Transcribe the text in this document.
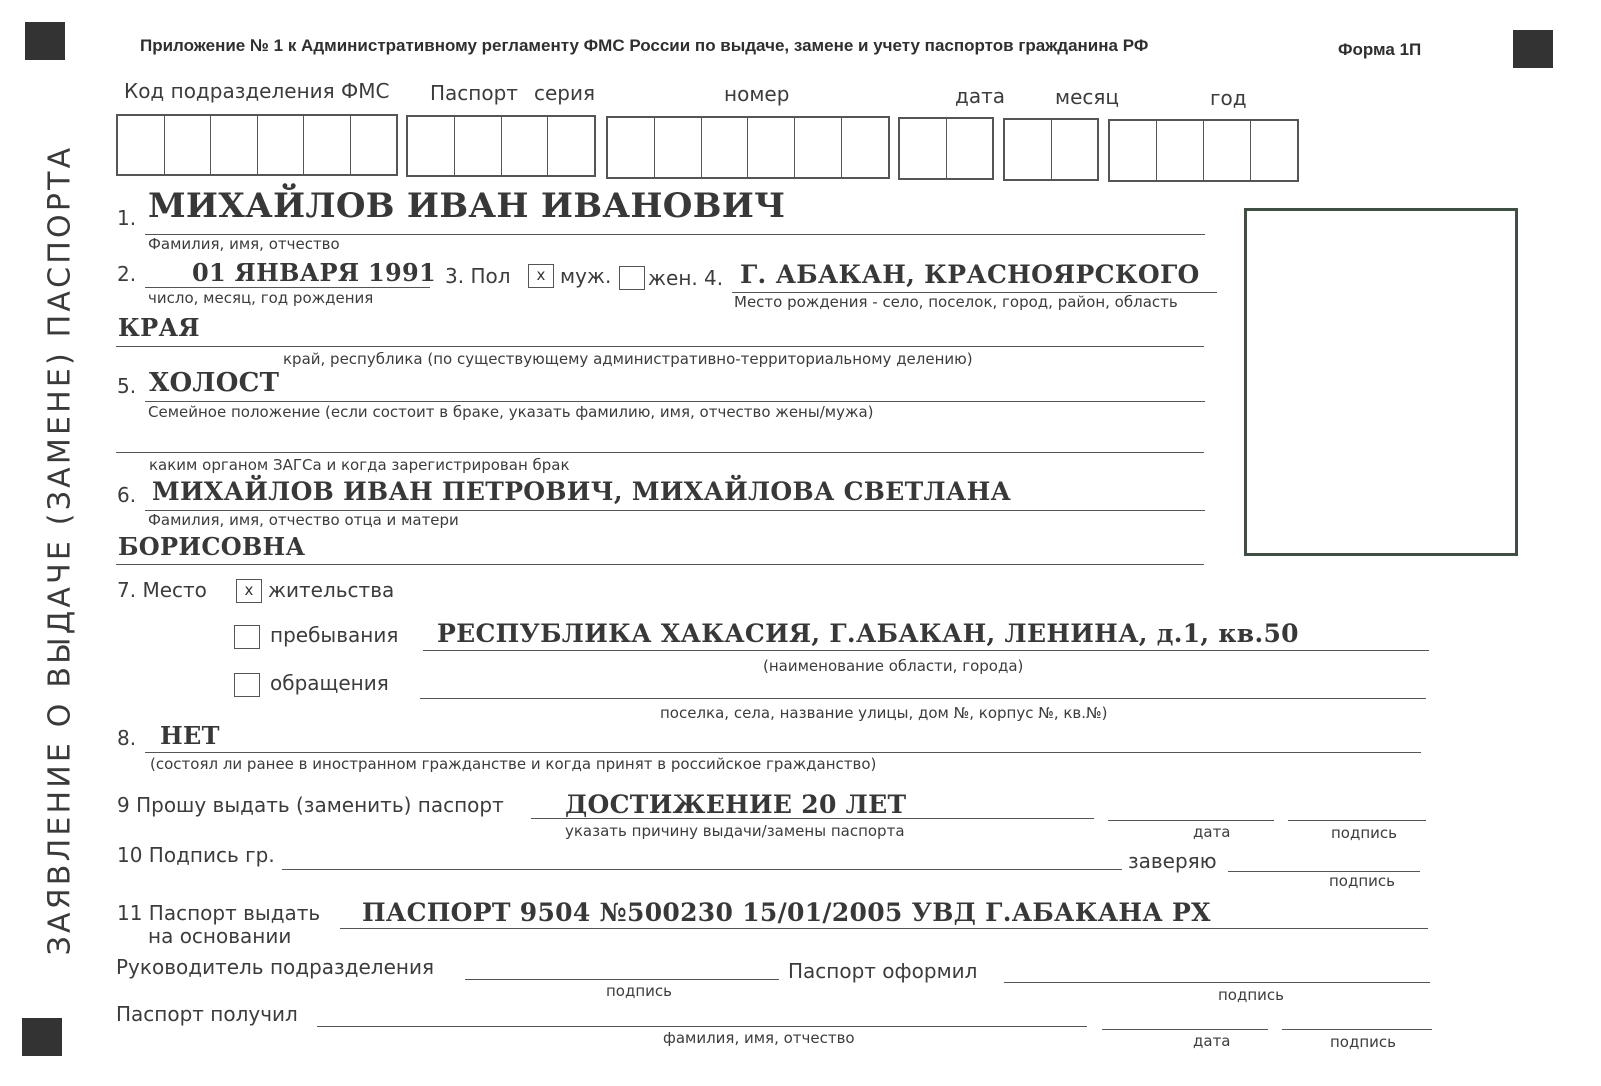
ЗАЯВЛЕНИЕ О ВЫДАЧЕ (ЗАМЕНЕ) ПАСПОРТА
Приложение № 1 к Административному регламенту ФМС России по выдаче, замене и учету паспортов гражданина РФ	Форма 1П
Код подразделения ФМС Паспорт серия	номер	дата	месяц	год
1. МИХАЙЛОВ ИВАН ИВАНОВИЧ
Фамилия, имя, отчество
2. 01 ЯНВАРЯ 1991
число, месяц, год рождения
3. Пол	x муж. жен. 4. Г. АБАКАН, КРАСНОЯРСКОГО
Место рождения - село, поселок, город, район, область
КРАЯ
край, республика (по существующему административно-территориальному делению)
5. ХОЛОСТ
Семейное положение (если состоит в браке, указать фамилию, имя, отчество жены/мужа)
каким органом ЗАГСа и когда зарегистрирован брак
6. МИХАЙЛОВ ИВАН ПЕТРОВИЧ, МИХАЙЛОВА СВЕТЛАНА
Фамилия, имя, отчество отца и матери
БОРИСОВНА
7. Место	x жительства
пребывания РЕСПУБЛИКА ХАКАСИЯ, Г.АБАКАН, ЛЕНИНА, д.1, кв.50
(наименование области, города)
обращения
поселка, села, название улицы, дом №, корпус №, кв.№)
8. НЕТ
(состоял ли ранее в иностранном гражданстве и когда принят в российское гражданство)
9 Прошу выдать (заменить) паспорт ДОСТИЖЕНИЕ 20 ЛЕТ
указать причину выдачи/замены паспорта	дата	подпись
10 Подпись гр.	заверяю
подпись
11 Паспорт выдать
на основании
ПАСПОРТ 9504 №500230 15/01/2005 УВД Г.АБАКАНА РХ
Руководитель подразделения
подпись
Паспорт оформил
подпись
Паспорт получил
фамилия, имя, отчество	дата	подпись
